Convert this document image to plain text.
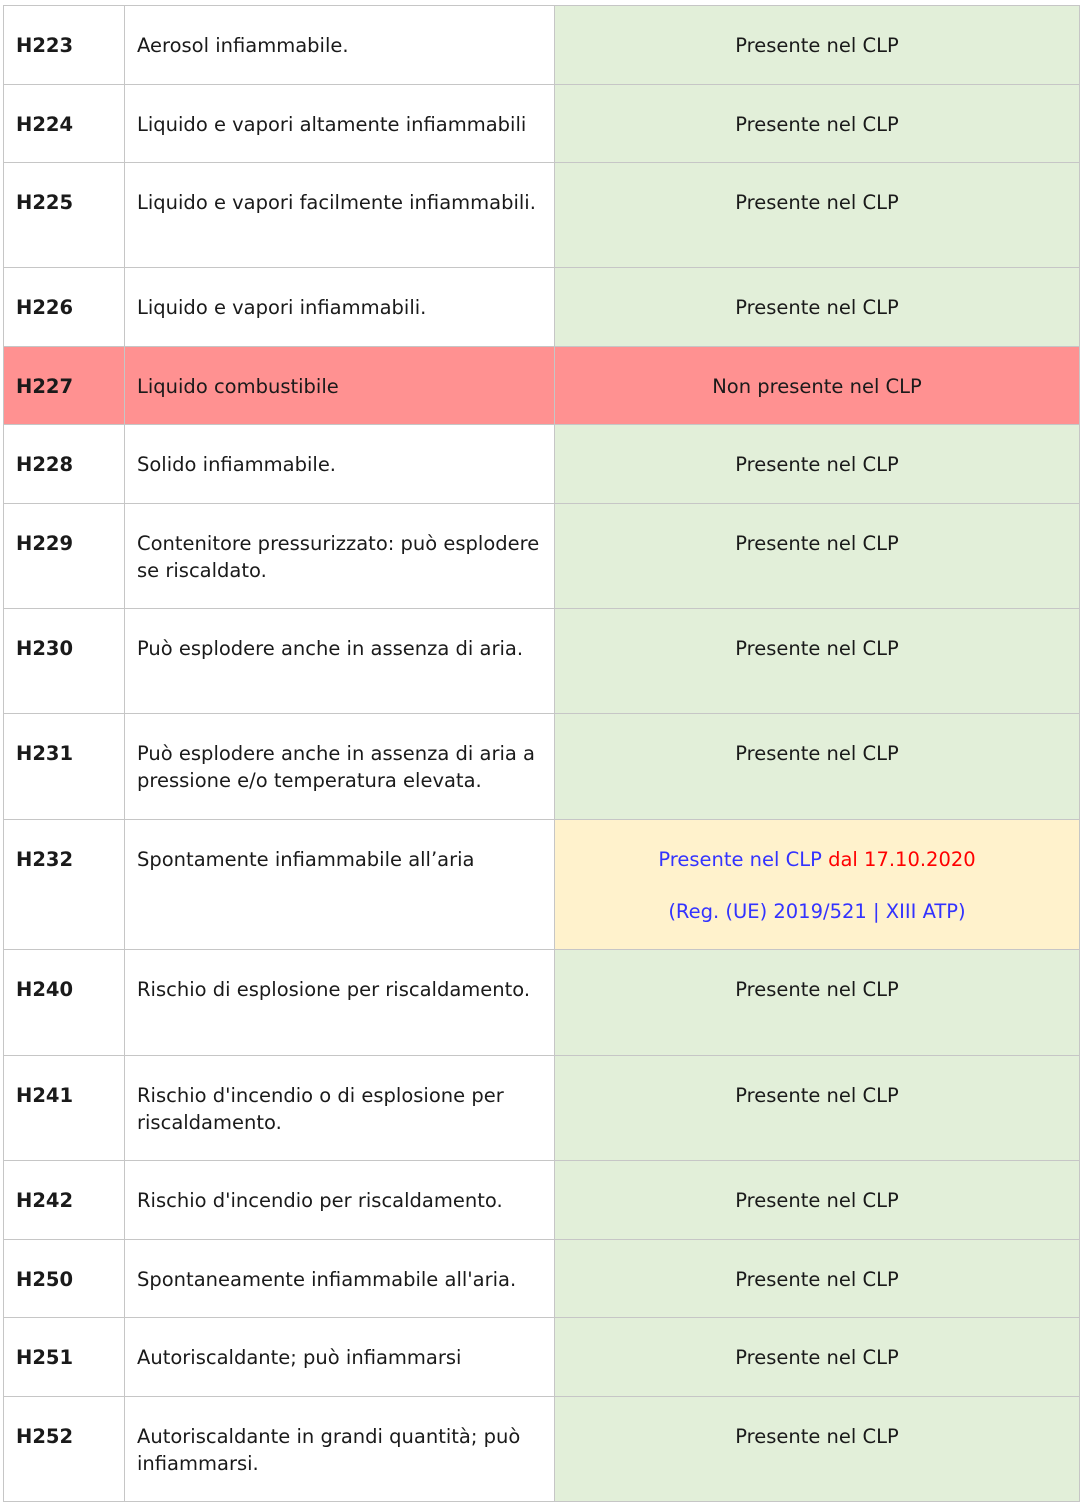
H223	Aerosol infiammabile.	Presente nel CLP

H224	Liquido e vapori altamente infiammabili	Presente nel CLP

H225	Liquido e vapori facilmente infiammabili.	Presente nel CLP

H226	Liquido e vapori infiammabili.	Presente nel CLP

H227	Liquido combustibile	Non presente nel CLP

H228	Solido infiammabile.	Presente nel CLP

H229	Contenitore pressurizzato: può esplodere se riscaldato.	Presente nel CLP

H230	Può esplodere anche in assenza di aria.	Presente nel CLP

H231	Può esplodere anche in assenza di aria a pressione e/o temperatura elevata.	Presente nel CLP

H232	Spontamente infiammabile all’aria	Presente nel CLP dal 17.10.2020
(Reg. (UE) 2019/521 | XIII ATP)

H240	Rischio di esplosione per riscaldamento.	Presente nel CLP

H241	Rischio d'incendio o di esplosione per riscaldamento.	Presente nel CLP

H242	Rischio d'incendio per riscaldamento.	Presente nel CLP

H250	Spontaneamente infiammabile all'aria.	Presente nel CLP

H251	Autoriscaldante; può infiammarsi	Presente nel CLP

H252	Autoriscaldante in grandi quantità; può infiammarsi.	Presente nel CLP
